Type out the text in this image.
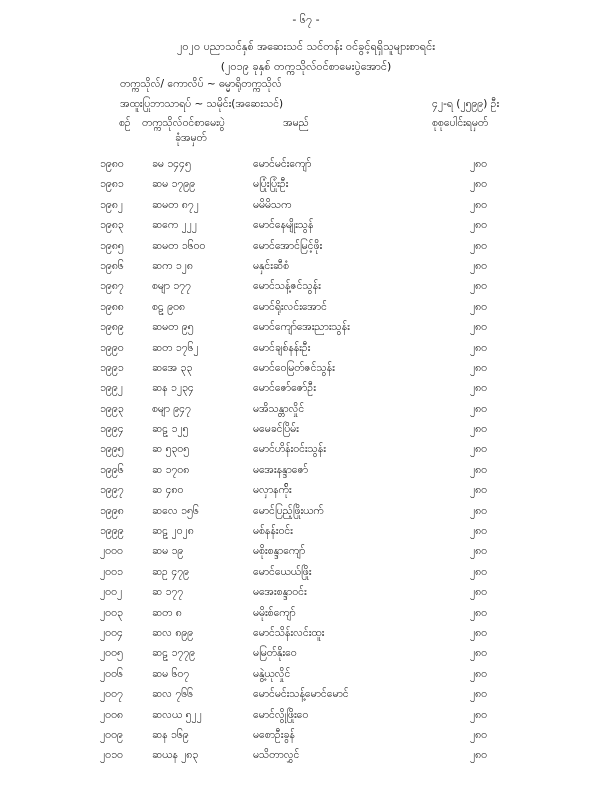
- ၆၇ -
၂၀၂၀ ပညာသင်နှစ် အဆေးသင် သင်တန်း ဝင်ခွင့်ရရှိသူများစာရင်း
(၂၀၁၉ ခုနှစ် တက္ကသိုလ်ဝင်စာမေးပွဲအောင်)
တက္ကသိုလ်/ ကောလိပ် ~ ဓမ္မာရိုတက္ကသိုလ်
အထူးပြုဘာသာရပ် ~ သမိုင်း(အဆေးသင်)	၄၂-ရ (၂၅၉၉) ဦး
စဉ် တက္ကသိုလ်ဝင်စာမေးပွဲ	အမည်	စုစုပေါင်းရမှတ်
ခုံအမှတ်
၁၉၈၀	ခမ ၁၄၄၅	မောင်မင်းကျော်	၂၈၀
၁၉၈၁	ဆမ ၁၇၉၉	မပြုံးပြုံးဦး	၂၈၀
၁၉၈၂	ဆမတ ၈၇၂	မမိမိသက	၂၈၀
၁၉၈၃	ဆကေ ၂၂၂	မောင်နေမျိုးသွန်	၂၈၀
၁၉၈၅	ဆမတ ၁၆၀၀	မောင်အောင်မြင့်ဖိုး	၂၈၀
၁၉၈၆	ဆက ၁၂၈	မနှင်းဆီစံ	၂၈၀
၁၉၈၇	စမျာ ၁၇၇	မောင်သန့်ဇင်သွန်း	၂၈၀
၁၉၈၈	စဠ ၉၀၈	မောင်ရိုးလင်းအောင်	၂၈၀
၁၉၈၉	ဆမတ ၉၅	မောင်ကျော်အေးညားသွန်း	၂၈၀
၁၉၉၀	ဆတ ၁၇၆၂	မောင်ချစ်နန်းဦး	၂၈၀
၁၉၉၁	ဆအေ ၃၃	မောင်ဝေမြတ်ဇင်သွန်း	၂၈၀
၁၉၉၂	ဆန ၁၂၃၄	မောင်ဇော်ဇော်ဦး	၂၈၀
၁၉၉၃	စမျာ ၉၄၇	မအိသန္တာလှိုင်	၂၈၀
၁၉၉၄	ဆဠ ၁၂၅	မမေခင်ပြိမ်း	၂၈၀
၁၉၉၅	ဆ ၅၃၀၅	မောင်ဟိန်းဝင်းသွန်း	၂၈၀
၁၉၉၆	ဆ ၁၇၀၈	မအေးနန္ဒာဇော်	၂၈၀
၁၉၉၇	ဆ ၄၈၀	မလှာနက်ိုး	၂၈၀
၁၉၉၈	ဆလေ ၁၅၆	မောင်ပြည့်ဖြိုးယက်	၂၈၀
၁၉၉၉	ဆဠ ၂၀၂၈	မစ်နန်းဝင်း	၂၈၀
၂၀၀၀	ဆမ ၁၉	မစိုးစန္ဒာကျော်	၂၈၀
၂၀၀၁	ဆဥ ၄၇၉	မောင်ယေယ်ဖြိုး	၂၈၀
၂၀၀၂	ဆ ၁၇၇	မအေးစန္ဒာဝင်း	၂၈၀
၂၀၀၃	ဆတ ၈	မမိုးစ်ကျော်	၂၈၀
၂၀၀၄	ဆလ ၈၉၉	မောင်သိန်းလင်းထူး	၂၈၀
၂၀၀၅	ဆဠ ၁၇၇၉	မမြတ်နိုးဝေ	၂၈၀
၂၀၀၆	ဆမ ၆၀၇	မနွဲ့ယုလှိုင်	၂၈၀
၂၀၀၇	ဆလ ၇၆၆	မောင်မင်းသန့်မောင်မောင်	၂၈၀
၂၀၀၈	ဆလယ ၅၂၂	မောင်လွိုဖြိုးဝေ	၂၈၀
၂၀၀၉	ဆန ၁၆၉	မစောဦးခွန်	၂၈၀
၂၀၁၀	ဆယန ၂၈၃	မသိတာလွှင်	၂၈၀
